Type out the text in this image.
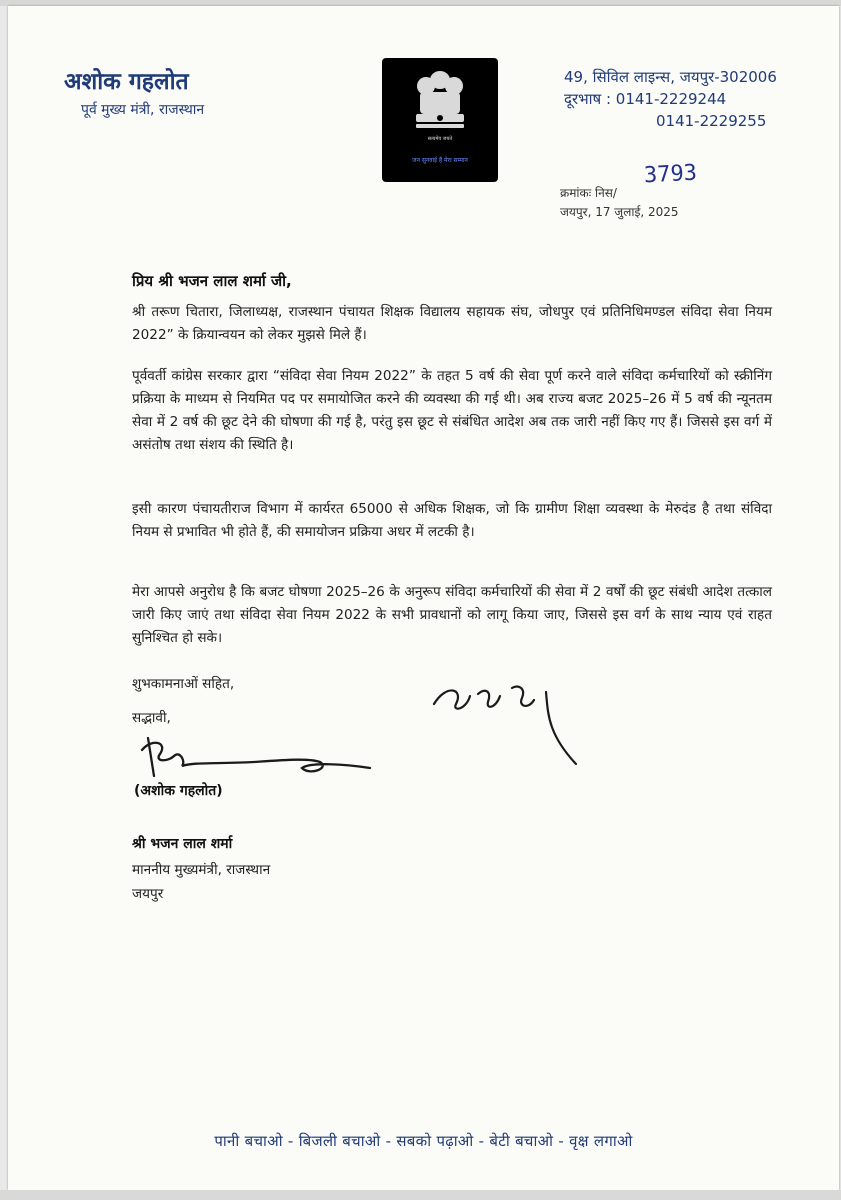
अशोक गहलोत
पूर्व मुख्य मंत्री, राजस्थान
सत्यमेव जयते
जन सुनवाई हैं मेरा सम्मान
49, सिविल लाइन्स, जयपुर-302006
दूरभाष : 0141-2229244
0141-2229255
क्रमांकः निस/
3793
जयपुर, 17 जुलाई, 2025
प्रिय श्री भजन लाल शर्मा जी,

श्री तरूण चितारा, जिलाध्यक्ष, राजस्थान पंचायत शिक्षक विद्यालय सहायक संघ, जोधपुर एवं प्रतिनिधिमण्डल संविदा सेवा नियम 2022” के क्रियान्वयन को लेकर मुझसे मिले हैं।

पूर्ववर्ती कांग्रेस सरकार द्वारा “संविदा सेवा नियम 2022” के तहत 5 वर्ष की सेवा पूर्ण करने वाले संविदा कर्मचारियों को स्क्रीनिंग प्रक्रिया के माध्यम से नियमित पद पर समायोजित करने की व्यवस्था की गई थी। अब राज्य बजट 2025–26 में 5 वर्ष की न्यूनतम सेवा में 2 वर्ष की छूट देने की घोषणा की गई है, परंतु इस छूट से संबंधित आदेश अब तक जारी नहीं किए गए हैं। जिससे इस वर्ग में असंतोष तथा संशय की स्थिति है।

इसी कारण पंचायतीराज विभाग में कार्यरत 65000 से अधिक शिक्षक, जो कि ग्रामीण शिक्षा व्यवस्था के मेरुदंड है तथा संविदा नियम से प्रभावित भी होते हैं, की समायोजन प्रक्रिया अधर में लटकी है।

मेरा आपसे अनुरोध है कि बजट घोषणा 2025–26 के अनुरूप संविदा कर्मचारियों की सेवा में 2 वर्षों की छूट संबंधी आदेश तत्काल जारी किए जाएं तथा संविदा सेवा नियम 2022 के सभी प्रावधानों को लागू किया जाए, जिससे इस वर्ग के साथ न्याय एवं राहत सुनिश्चित हो सके।

शुभकामनाओं सहित,
सद्भावी,
(अशोक गहलोत)
श्री भजन लाल शर्मा
माननीय मुख्यमंत्री, राजस्थान
जयपुर
पानी बचाओ - बिजली बचाओ - सबको पढ़ाओ - बेटी बचाओ - वृक्ष लगाओ
